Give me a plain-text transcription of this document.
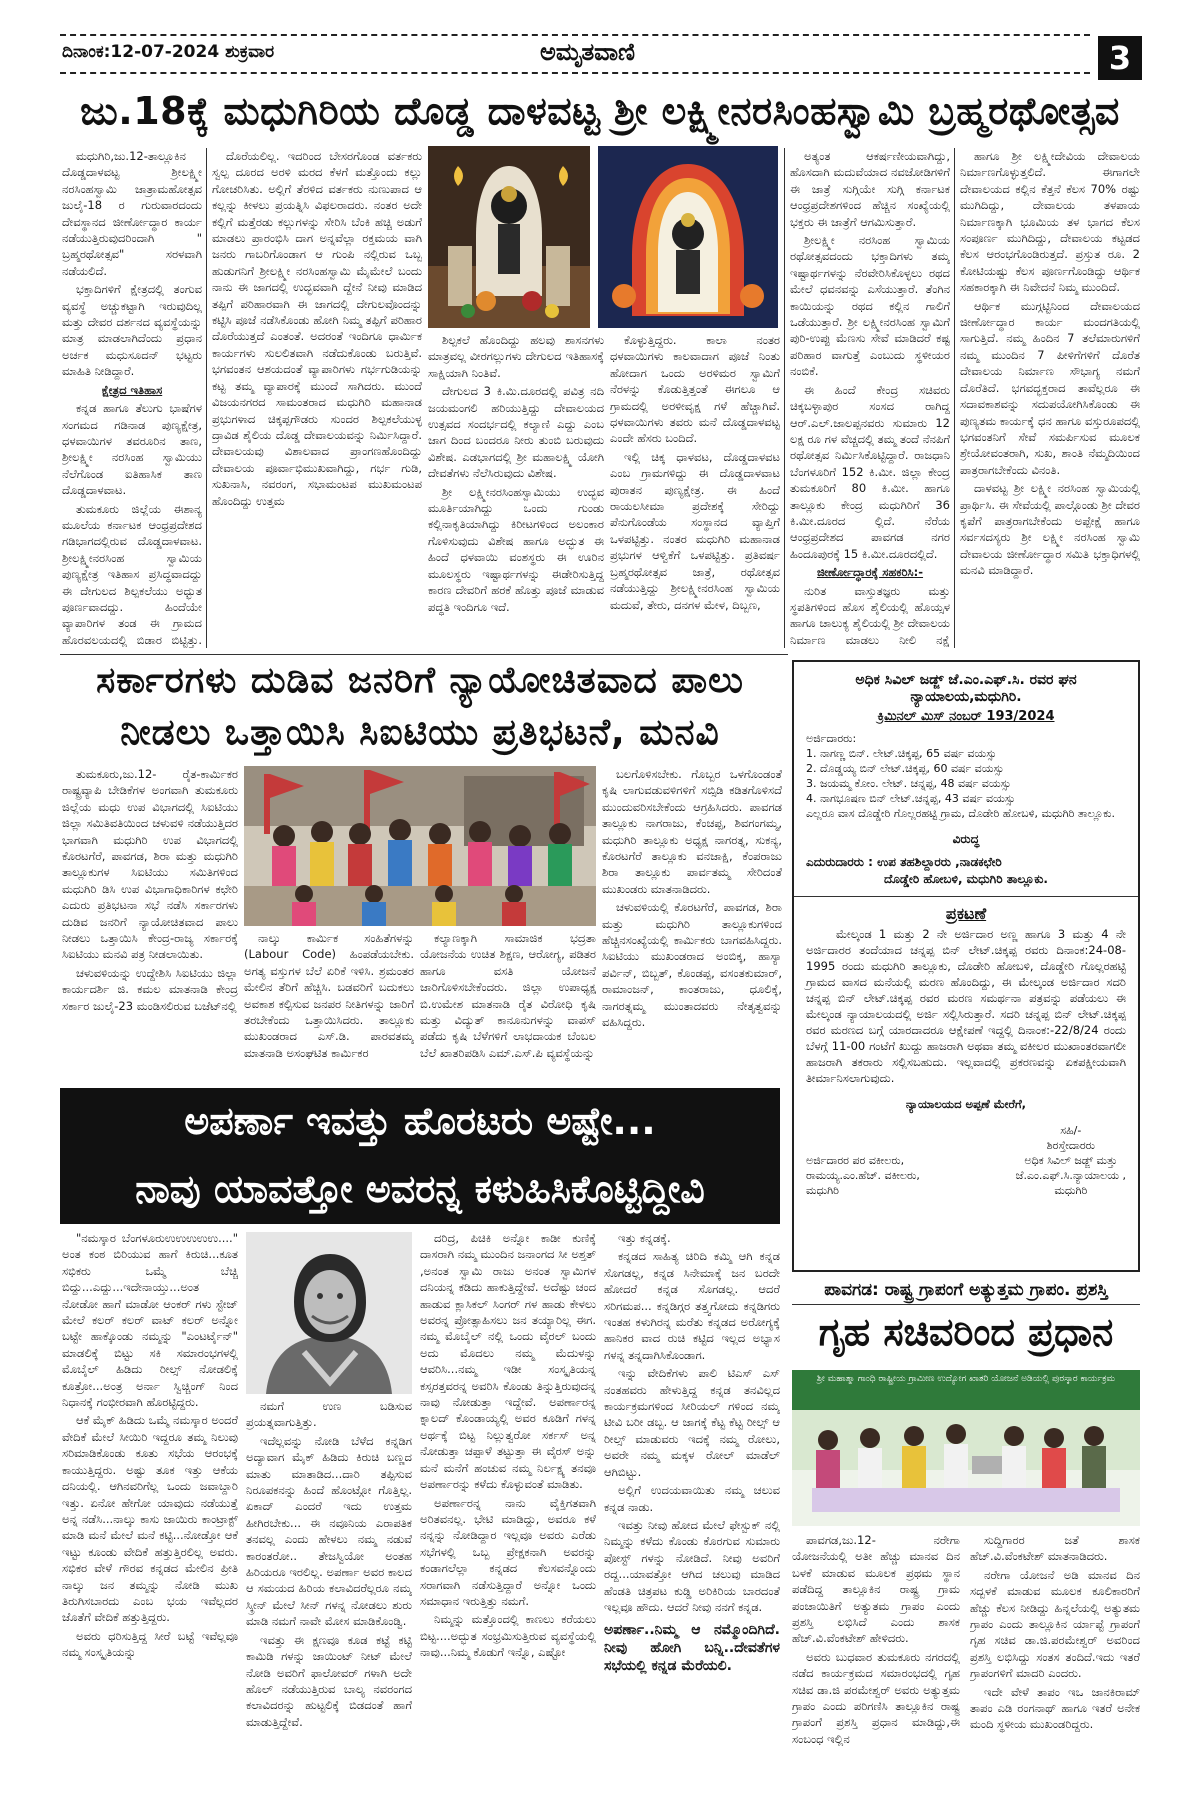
ದಿನಾಂಕ:12-07-2024 ಶುಕ್ರವಾರ	ಅಮೃತವಾಣಿ	3
ಜು.18ಕ್ಕೆ ಮಧುಗಿರಿಯ ದೊಡ್ಡ ದಾಳವಟ್ಟ ಶ್ರೀ ಲಕ್ಷ್ಮೀನರಸಿಂಹಸ್ವಾಮಿ ಬ್ರಹ್ಮರಥೋತ್ಸವ

ಮಧುಗಿರಿ,ಜು.12-ತಾಲ್ಲೂಕಿನ ದೊಡ್ಡದಾಳವಟ್ಟ ಶ್ರೀಲಕ್ಷ್ಮೀ ನರಸಿಂಹಸ್ವಾಮಿ ಜಾತ್ರಾಮಹೋತ್ಸವ ಜುಲೈ-18 ರ ಗುರುವಾರದಂದು ದೇವಸ್ಥಾನದ ಜೀರ್ಣೋದ್ಧಾರ ಕಾರ್ಯ ನಡೆಯುತ್ತಿರುವುದರಿಂದಾಗಿ " ಬ್ರಹ್ಮರಥೋತ್ಸವ" ಸರಳವಾಗಿ ನಡೆಯಲಿದೆ.

ಭಕ್ತಾದಿಗಳಿಗೆ ಕ್ಷೇತ್ರದಲ್ಲಿ ತಂಗುವ ವ್ಯವಸ್ಥೆ ಅಚ್ಚುಕಟ್ಟಾಗಿ ಇರುವುದಿಲ್ಲ ಮತ್ತು ದೇವರ ದರ್ಶನದ ವ್ಯವಸ್ಥೆಯನ್ನು ಮಾತ್ರ ಮಾಡಲಾಗಿದೆಂದು ಪ್ರಧಾನ ಅರ್ಚಕ ಮಧುಸೂದನ್ ಭಟ್ಟರು ಮಾಹಿತಿ ನೀಡಿದ್ದಾರೆ.

ಕ್ಷೇತ್ರದ ಇತಿಹಾಸ

ಕನ್ನಡ ಹಾಗೂ ತೆಲುಗು ಭಾಷೆಗಳ ಸಂಗಮದ ಗಡಿನಾಡ ಪುಣ್ಯಕ್ಷೇತ್ರ, ಧಳವಾಯಿಗಳ ತವರೂರಿನ ತಾಣ, ಶ್ರೀಲಕ್ಷ್ಮೀ ನರಸಿಂಹ ಸ್ವಾಮಿಯು ನೆಲೆಗೊಂಡ ಐತಿಹಾಸಿಕ ತಾಣ ದೊಡ್ಡದಾಳವಾಟ.

ತುಮಕೂರು ಜಿಲ್ಲೆಯ ಈಶಾನ್ಯ ಮೂಲೆಯ ಕರ್ನಾಟಕ ಆಂಧ್ರಪ್ರದೇಶದ ಗಡಿಭಾಗದಲ್ಲಿರುವ ದೊಡ್ಡದಾಳವಾಟ. ಶ್ರೀಲಕ್ಷ್ಮೀನರಸಿಂಹ ಸ್ವಾಮಿಯ ಪುಣ್ಯಕ್ಷೇತ್ರ ಇತಿಹಾಸ ಪ್ರಸಿದ್ಧವಾದದ್ದು ಈ ದೇಗುಲದ ಶಿಲ್ಪಕಲೆಯು ಅಧ್ಭುತ ಪೂರ್ಣವಾದದ್ದು. ಹಿಂದೆಯೇ ವ್ಯಾಪಾರಿಗಳ ತಂಡ ಈ ಗ್ರಾಮದ ಹೊರವಲಯದಲ್ಲಿ ಬಿಡಾರ ಬಿಟ್ಟಿತ್ತು.

ದೊರೆಯಲಿಲ್ಲ. ಇದರಿಂದ ಬೇಸರಗೊಂಡ ವರ್ತಕರು ಸ್ವಲ್ಪ ದೂರದ ಅರಳಿ ಮರದ ಕೆಳಗೆ ಮತ್ತೊಂದು ಕಲ್ಲು ಗೋಚರಿಸಿತು. ಅಲ್ಲಿಗೆ ತೆರಳಿದ ವರ್ತಕರು ನುಣುಪಾದ ಆ ಕಲ್ಲನ್ನು ಕೀಳಲು ಪ್ರಯತ್ನಿಸಿ ವಿಫಲರಾದರು. ನಂತರ ಅದೇ ಕಲ್ಲಿಗೆ ಮತ್ತೆರಡು ಕಲ್ಲುಗಳನ್ನು ಸೇರಿಸಿ ಬೆಂಕಿ ಹಚ್ಚಿ ಅಡುಗೆ ಮಾಡಲು ಪ್ರಾರಂಭಿಸಿ ದಾಗ ಅನ್ನವೆಲ್ಲಾ ರಕ್ತಮಯ ವಾಗಿ ಜನರು ಗಾಬರಿಗೊಂಡಾಗ ಆ ಗುಂಪಿ ನಲ್ಲಿರುವ ಒಬ್ಬ ಹುಡುಗನಿಗೆ ಶ್ರೀಲಕ್ಷ್ಮೀ ನರಸಿಂಹಸ್ವಾಮಿ ಮೈಮೇಲೆ ಬಂದು ನಾನು ಈ ಜಾಗದಲ್ಲಿ ಉದ್ಭವವಾಗಿ ದ್ದೇನೆ ನೀವು ಮಾಡಿದ ತಪ್ಪಿಗೆ ಪರಿಹಾರವಾಗಿ ಈ ಜಾಗದಲ್ಲಿ ದೇಗುಲವೊಂದನ್ನು ಕಟ್ಟಿಸಿ ಪೂಜೆ ನಡೆಸಿಕೊಂಡು ಹೋಗಿ ನಿಮ್ಮ ತಪ್ಪಿಗೆ ಪರಿಹಾರ ದೊರೆಯುತ್ತದೆ ಎಂತಂತೆ. ಅದರಂತೆ ಇಂದಿಗೂ ಧಾರ್ಮಿಕ ಕಾರ್ಯಗಳು ಸುಲಲಿತವಾಗಿ ನಡೆದುಕೊಂಡು ಬರುತ್ತಿವೆ. ಭಗವಂತನ ಆಶಯದಂತೆ ವ್ಯಾಪಾರಿಗಳು ಗರ್ಭಗುಡಿಯನ್ನು ಕಟ್ಟ ತಮ್ಮ ವ್ಯಾಪಾರಕ್ಕೆ ಮುಂದೆ ಸಾಗಿದರು. ಮುಂದೆ ವಿಜಯನಗರದ ಸಾಮಂತರಾದ ಮಧುಗಿರಿ ಮಹಾನಾಡ ಪ್ರಭುಗಳಾದ ಚಿಕ್ಕಪ್ಪಗೌಡರು ಸುಂದರ ಶಿಲ್ಪಕಲೆಯುಳ್ಳ ದ್ರಾವಿಡ ಶೈಲಿಯ ದೊಡ್ಡ ದೇವಾಲಯವನ್ನು ನಿರ್ಮಿಸಿದ್ದಾರೆ. ದೇವಾಲಯವು ವಿಶಾಲವಾದ ಪ್ರಾಂಗಣಹೊಂದಿದ್ದು ದೇವಾಲಯ ಪೂರ್ವಾಭಿಮುಖವಾಗಿದ್ದು, ಗರ್ಭ ಗುಡಿ, ಸುಖನಾಸಿ, ನವರಂಗ, ಸಭಾಮಂಟಪ ಮುಖಮಂಟಪ ಹೊಂದಿದ್ದು ಉತ್ತಮ

ಶಿಲ್ಪಕಲೆ ಹೊಂದಿದ್ದು ಹಲವು ಶಾಸನಗಳು ಮಾತ್ರವಲ್ಲ ವೀರಗಲ್ಲುಗಳು ದೇಗುಲದ ಇತಿಹಾಸಕ್ಕೆ ಸಾಕ್ಷಿಯಾಗಿ ನಿಂತಿವೆ.

ದೇಗುಲದ 3 ಕಿ.ಮಿ.ದೂರದಲ್ಲಿ ಪವಿತ್ರ ನದಿ ಜಯಮಂಗಲಿ ಹರಿಯುತ್ತಿದ್ದು ದೇವಾಲಯದ ಉತ್ಸವದ ಸಂದರ್ಭದಲ್ಲಿ ಕಲ್ಯಾಣಿ ಎದ್ದು ಎಂಬ ಜಾಗ ದಿಂದ ಬಂದರೂ ನೀರು ತುಂಬಿ ಬರುವುದು ವಿಶೇಷ. ಎಡಭಾಗದಲ್ಲಿ ಶ್ರೀ ಮಹಾಲಕ್ಷ್ಮಿ ಯೋಗಿ ದೇವತೆಗಳು ನೆಲೆಸಿರುವುದು ವಿಶೇಷ.

ಶ್ರೀ ಲಕ್ಷ್ಮೀನರಸಿಂಹಸ್ವಾಮಿಯು ಉದ್ಭವ ಮೂರ್ತಿಯಾಗಿದ್ದು ಒಂದು ಗುಂಡು ಕಲ್ಲಿನಾಕೃತಿಯಾಗಿದ್ದು ಕಿರೀಟಗಳಿಂದ ಅಲಂಕಾರ ಗೊಳಿಸುವುದು ವಿಶೇಷ ಹಾಗೂ ಅದ್ಭುತ ಈ ಹಿಂದೆ ಧಳವಾಯಿ ವಂಶಸ್ಥರು ಈ ಊರಿನ ಮೂಲಸ್ಥರು ಇಷ್ಟಾರ್ಥಗಳನ್ನು ಈಡೇರಿಸುತ್ತಿದ್ದ ಕಾರಣ ದೇವರಿಗೆ ಹರಕೆ ಹೊತ್ತು ಪೂಜೆ ಮಾಡುವ ಪದ್ಧತಿ ಇಂದಿಗೂ ಇದೆ.

ಕೊಳ್ಳುತ್ತಿದ್ದರು. ಕಾಲಾ ನಂತರ ಧಳವಾಯಿಗಳು ಕಾಲವಾದಾಗ ಪೂಜೆ ನಿಂತು ಹೋದಾಗ ಒಂದು ಅರಳಿಮರ ಸ್ವಾಮಿಗೆ ನೆರಳನ್ನು ಕೊಡುತ್ತಿತ್ತಂತೆ ಈಗಲೂ ಆ ಗ್ರಾಮದಲ್ಲಿ ಅರಳೀವೃಕ್ಷ ಗಳೆ ಹೆಚ್ಚಾಗಿವೆ. ಧಳವಾಯಿಗಳು ತವರು ಮನೆ ದೊಡ್ಡದಾಳವಟ್ಟ ಎಂದೇ ಹೆಸರು ಬಂದಿದೆ.

ಇಲ್ಲಿ ಚಿಕ್ಕ ಧಾಳವಟ, ದೊಡ್ಡದಾಳವಟ ಎಂಬ ಗ್ರಾಮಗಳಿದ್ದು ಈ ದೊಡ್ಡದಾಳವಾಟ ಪುರಾತನ ಪುಣ್ಯಕ್ಷೇತ್ರ. ಈ ಹಿಂದೆ ರಾಯಲಸೀಮಾ ಪ್ರದೇಶಕ್ಕೆ ಸೇರಿದ್ದು ಪೆನುಗೊಂಡೆಯ ಸಂಸ್ಥಾನದ ವ್ಯಾಪ್ತಿಗೆ ಒಳಪಟ್ಟಿತ್ತು. ನಂತರ ಮಧುಗಿರಿ ಮಹಾನಾಡ ಪ್ರಭುಗಳ ಆಳ್ವಿಕೆಗೆ ಒಳಪಟ್ಟಿತ್ತು. ಪ್ರತಿವರ್ಷ ಬ್ರಹ್ಮರಥೋತ್ಸವ ಜಾತ್ರೆ, ರಥೋತ್ಸವ ನಡೆಯುತ್ತಿದ್ದು ಶ್ರೀಲಕ್ಷ್ಮೀನರಸಿಂಹ ಸ್ವಾಮಿಯ ಮದುವೆ, ತೇರು, ದನಗಳ ಮೇಳ, ದಿಬ್ಬಣ,

ಅತ್ಯಂತ ಆಕರ್ಷಣೀಯವಾಗಿದ್ದು, ಹೊಸದಾಗಿ ಮದುವೆಯಾದ ನವಜೋಡಿಗಳಿಗೆ ಈ ಜಾತ್ರೆ ಸುಗ್ಗಿಯೇ ಸುಗ್ಗಿ ಕರ್ನಾಟಕ ಆಂಧ್ರಪ್ರದೇಶಗಳಿಂದ ಹೆಚ್ಚಿನ ಸಂಖ್ಯೆಯಲ್ಲಿ ಭಕ್ತರು ಈ ಜಾತ್ರೆಗೆ ಆಗಮಿಸುತ್ತಾರೆ.

ಶ್ರೀಲಕ್ಷ್ಮೀ ನರಸಿಂಹ ಸ್ವಾಮಿಯ ರಥೋತ್ಸವದಂದು ಭಕ್ತಾದಿಗಳು ತಮ್ಮ ಇಷ್ಟಾರ್ಥಗಳನ್ನು ನೆರವೇರಿಸಿಕೊಳ್ಳಲು ರಥದ ಮೇಲೆ ಧವನವನ್ನು ಎಸೆಯುತ್ತಾರೆ. ತೆಂಗಿನ ಕಾಯಿಯನ್ನು ರಥದ ಕಲ್ಲಿನ ಗಾಲಿಗೆ ಒಡೆಯುತ್ತಾರೆ. ಶ್ರೀ ಲಕ್ಷ್ಮೀನರಸಿಂಹ ಸ್ವಾಮಿಗೆ ಪುರಿ-ಉಪ್ಪು ಮೆಣಸು ಸೇವೆ ಮಾಡಿದರೆ ಕಷ್ಟ ಪರಿಹಾರ ವಾಗುತ್ತೆ ಎಂಬುದು ಸ್ಥಳೀಯರ ನಂಬಿಕೆ.

ಈ ಹಿಂದೆ ಕೇಂದ್ರ ಸಚಿವರು ಚಿಕ್ಕಬಳ್ಳಾಪುರ ಸಂಸದ ರಾಗಿದ್ದ ಆರ್.ಎಲ್.ಜಾಲಪ್ಪನವರು ಸುಮಾರು 12 ಲಕ್ಷ ರೂ ಗಳ ವೆಚ್ಚದಲ್ಲಿ ತಮ್ಮ ತಂದೆ ನೆನಪಿಗೆ ರಥೋತ್ಸವ ನಿರ್ಮಿಸಿಕೊಟ್ಟಿದ್ದಾರೆ. ರಾಜಧಾನಿ ಬೆಂಗಳೂರಿಗೆ 152 ಕಿ.ಮೀ. ಜಿಲ್ಲಾ ಕೇಂದ್ರ ತುಮಕೂರಿಗೆ 80 ಕಿ.ಮೀ. ಹಾಗೂ ತಾಲ್ಲೂಕು ಕೇಂದ್ರ ಮಧುಗಿರಿಗೆ 36 ಕಿ.ಮೀ.ದೂರದ ಲ್ಲಿದೆ. ನೆರೆಯ ಆಂಧ್ರಪ್ರದೇಶದ ಪಾವಗಡ ನಗರ ಹಿಂದೂಪುರಕ್ಕೆ 15 ಕಿ.ಮೀ.ದೂರದಲ್ಲಿದೆ.

ಜೀರ್ಣೋದ್ಧಾರಕ್ಕೆ ಸಹಕರಿಸಿ:-

ನುರಿತ ವಾಸ್ತುತಜ್ಞರು ಮತ್ತು ಸ್ಥಪತಿಗಳಿಂದ ಹೊಸ ಶೈಲಿಯಲ್ಲಿ ಹೊಯ್ಸಳ ಹಾಗೂ ಚಾಲುಕ್ಯ ಶೈಲಿಯಲ್ಲಿ ಶ್ರೀ ದೇವಾಲಯ ನಿರ್ಮಾಣ ಮಾಡಲು ನೀಲಿ ನಕ್ಷೆ

ಹಾಗೂ ಶ್ರೀ ಲಕ್ಷ್ಮೀದೇವಿಯ ದೇವಾಲಯ ನಿರ್ಮಾಣಗೊಳ್ಳುತ್ತಲಿದೆ. ಈಗಾಗಲೇ ದೇವಾಲಯದ ಕಲ್ಲಿನ ಕೆತ್ತನೆ ಕೆಲಸ 70% ರಷ್ಟು ಮುಗಿದಿದ್ದು, ದೇವಾಲಯ ತಳಪಾಯ ನಿರ್ಮಾಣಕ್ಕಾಗಿ ಭೂಮಿಯ ತಳ ಭಾಗದ ಕೆಲಸ ಸಂಪೂರ್ಣ ಮುಗಿದಿದ್ದು, ದೇವಾಲಯ ಕಟ್ಟಡದ ಕೆಲಸ ಆರಂಭಗೊಂಡಿರುತ್ತದೆ. ಪ್ರಸ್ತುತ ರೂ. 2 ಕೋಟಿಯಷ್ಟು ಕೆಲಸ ಪೂರ್ಣಗೊಂಡಿದ್ದು ಆರ್ಥಿಕ ಸಹಕಾರಕ್ಕಾಗಿ ಈ ನಿವೇದನೆ ನಿಮ್ಮ ಮುಂದಿದೆ.

ಆರ್ಥಿಕ ಮುಗ್ಗಟ್ಟಿನಿಂದ ದೇವಾಲಯದ ಜೀರ್ಣೋದ್ಧಾರ ಕಾರ್ಯ ಮಂದಗತಿಯಲ್ಲಿ ಸಾಗುತ್ತಿದೆ. ನಮ್ಮ ಹಿಂದಿನ 7 ತಲೆಮಾರುಗಳಿಗೆ ನಮ್ಮ ಮುಂದಿನ 7 ಪೀಳಿಗೆಗಳಿಗೆ ದೊರೆತ ದೇವಾಲಯ ನಿರ್ಮಾಣ ಸೌಭಾಗ್ಯ ನಮಗೆ ದೊರೆತಿದೆ. ಭಗವದ್ಭಕ್ತರಾದ ತಾವೆಲ್ಲರೂ ಈ ಸದಾವಕಾಶವನ್ನು ಸದುಪಯೋಗಿಸಿಕೊಂಡು ಈ ಪುಣ್ಯತಮ ಕಾರ್ಯಕ್ಕೆ ಧನ ಹಾಗೂ ವಸ್ತುರೂಪದಲ್ಲಿ ಭಗವಂತನಿಗೆ ಸೇವೆ ಸಮರ್ಪಿಸುವ ಮೂಲಕ ಶ್ರೇಯೋವಂತರಾಗಿ, ಸುಖ, ಶಾಂತಿ ನೆಮ್ಮದಿಯಿಂದ ಪಾತ್ರರಾಗಬೇಕೆಂದು ವಿನಂತಿ.

ದಾಳವಟ್ಟ ಶ್ರೀ ಲಕ್ಷ್ಮೀ ನರಸಿಂಹ ಸ್ವಾಮಿಯಲ್ಲಿ ಪ್ರಾರ್ಥಿಸಿ. ಈ ಸೇವೆಯಲ್ಲಿ ಪಾಲ್ಗೊಂಡು ಶ್ರೀ ದೇವರ ಕೃಪೆಗೆ ಪಾತ್ರರಾಗಬೇಕೆಂದು ಅಪ್ಪೇಕ್ಷೆ ಹಾಗೂ ಸರ್ವಸದಸ್ಯರು ಶ್ರೀ ಲಕ್ಷ್ಮೀ ನರಸಿಂಹ ಸ್ವಾಮಿ ದೇವಾಲಯ ಜೀರ್ಣೋದ್ಧಾರ ಸಮಿತಿ ಭಕ್ತಾಧಿಗಳಲ್ಲಿ ಮನವಿ ಮಾಡಿದ್ದಾರೆ.

ಸರ್ಕಾರಗಳು ದುಡಿವ ಜನರಿಗೆ ನ್ಯಾಯೋಚಿತವಾದ ಪಾಲು
ನೀಡಲು ಒತ್ತಾಯಿಸಿ ಸಿಐಟಿಯು ಪ್ರತಿಭಟನೆ, ಮನವಿ

ತುಮಕೂರು,ಜು.12- ರೈತ-ಕಾರ್ಮಿಕರ ರಾಷ್ಟ್ರವ್ಯಾಪಿ ಬೇಡಿಕೆಗಳ ಅಂಗವಾಗಿ ತುಮಕೂರು ಜಿಲ್ಲೆಯ ಮಧು ಉಪ ವಿಭಾಗದಲ್ಲಿ ಸಿಐಟಿಯು ಜಿಲ್ಲಾ ಸಮಿತಿವತಿಯಿಂದ ಚಳುವಳಿ ನಡೆಯುತ್ತಿದರ ಭಾಗವಾಗಿ ಮಧುಗಿರಿ ಉಪ ವಿಭಾಗದಲ್ಲಿ ಕೊರಟಗೆರೆ, ಪಾವಗಡ, ಶಿರಾ ಮತ್ತು ಮಧುಗಿರಿ ತಾಲ್ಲೂಕುಗಳ ಸಿಐಟಿಯು ಸಮಿತಿಗಳಿಂದ ಮಧುಗಿರಿ ಡಿಸಿ ಉಪ ವಿಭಾಗಾಧಿಕಾರಿಗಳ ಕಛೇರಿ ಎದುರು ಪ್ರತಿಭಟನಾ ಸಭೆ ನಡೆಸಿ ಸರ್ಕಾರಗಳು ದುಡಿವ ಜನರಿಗೆ ನ್ಯಾಯೋಚಿತವಾದ ಪಾಲು ನೀಡಲು ಒತ್ತಾಯಿಸಿ ಕೇಂದ್ರ-ರಾಜ್ಯ ಸರ್ಕಾರಕ್ಕೆ ಸಿಐಟಿಯು ಮನವಿ ಪತ್ರ ನೀಡಲಾಯಿತು.

ಚಳುವಳಿಯನ್ನು ಉದ್ದೇಶಿಸಿ ಸಿಐಟಿಯು ಜಿಲ್ಲಾ ಕಾರ್ಯದರ್ಶಿ ಜಿ. ಕಮಲ ಮಾತನಾಡಿ ಕೇಂದ್ರ ಸರ್ಕಾರ ಜುಲೈ-23 ಮಂಡಿಸಲಿರುವ ಬಜೆಟ್‌ನಲ್ಲಿ

ನಾಲ್ಕು ಕಾರ್ಮಿಕ ಸಂಹಿತೆಗಳನ್ನು (Labour Code) ಹಿಂಪಡೆಯಬೇಕು. ಅಗತ್ಯ ವಸ್ತುಗಳ ಬೆಲೆ ಏರಿಕೆ ಇಳಿಸಿ. ಶ್ರಮಂತರ ಮೇಲಿನ ತೆರಿಗೆ ಹೆಚ್ಚಿಸಿ. ಬಡವರಿಗೆ ಬದುಕಲು ಅವಕಾಶ ಕಲ್ಪಿಸುವ ಜನಪರ ನೀತಿಗಳನ್ನು ಜಾರಿಗೆ ತರಬೇಕೆಂದು ಒತ್ತಾಯಿಸಿದರು. ತಾಲ್ಲೂಕು ಮುಖಂಡರಾದ ಎಸ್.ಡಿ. ಪಾರವತಮ್ಮ ಮಾತನಾಡಿ ಅಸಂಘಟಿತ ಕಾರ್ಮಿಕರ

ಕಲ್ಯಾಣಕ್ಕಾಗಿ ಸಾಮಾಜಿಕ ಭದ್ರತಾ ಯೋಜನೆಯ ಉಚಿತ ಶಿಕ್ಷಣ, ಆರೋಗ್ಯ, ಪಡಿತರ ಹಾಗೂ ವಸತಿ ಯೋಜನೆ ಜಾರಿಗೊಳಿಸಬೇಕೆಂದರು. ಜಿಲ್ಲಾ ಉಪಾಧ್ಯಕ್ಷ ಬಿ.ಉಮೇಶ ಮಾತನಾಡಿ ರೈತ ವಿರೋಧಿ ಕೃಷಿ ಮತ್ತು ವಿದ್ಯುತ್ ಕಾನೂನುಗಳನ್ನು ವಾಪಸ್ ಪಡೆದು ಕೃಷಿ ಬೆಳೆಗಳಿಗೆ ಲಾಭದಾಯಕ ಬೆಂಬಲ ಬೆಲೆ ಖಾತರಿಪಡಿಸಿ ಎಮ್.ಎಸ್.ಪಿ ವ್ಯವಸ್ಥೆಯನ್ನು

ಬಲಗೊಳಿಸಬೇಕು. ಗೊಬ್ಬರ ಒಳಗೊಂಡಂತೆ ಕೃಷಿ ಲಾಗುವಡುವಳಿಗಳಿಗೆ ಸಬ್ಸಿಡಿ ಕಡಿತಗೊಳಿಸದೆ ಮುಂದುವರಿಸಬೇಕೆಂದು ಆಗ್ರಹಿಸಿದರು. ಪಾವಗಡ ತಾಲ್ಲೂಕು ನಾಗರಾಜು, ಕೆಂಚಪ್ಪ, ಶಿವಗಂಗಮ್ಮ, ಮಧುಗಿರಿ ತಾಲ್ಲೂಕು ಅಧ್ಯಕ್ಷ ನಾಗರತ್ನ, ಸುಕನ್ಯ, ಕೊರಟಗೆರೆ ತಾಲ್ಲೂಕು ವನಜಾಕ್ಷಿ, ಕೆಂಪರಾಜು ಶಿರಾ ತಾಲ್ಲೂಕು ಪಾರ್ವತಮ್ಮ ಸೇರಿದಂತೆ ಮುಖಂಡರು ಮಾತನಾಡಿದರು.

ಚಳುವಳಿಯಲ್ಲಿ ಕೊರಟಗೆರೆ, ಪಾವಗಡ, ಶಿರಾ ಮತ್ತು ಮಧುಗಿರಿ ತಾಲ್ಲೂಕುಗಳಿಂದ ಹೆಚ್ಚಿನಸಂಖ್ಯೆಯಲ್ಲಿ ಕಾರ್ಮಿಕರು ಬಾಗವಹಿಸಿದ್ದರು. ಸಿಐಟಿಯು ಮುಖಂಡರಾದ ಅಂಬಿಕ್ಕ, ಹಾಸ್ಯಾ ಪರ್ವಿನ್, ಬಿಬ್ಬತ್, ಕೊಂಡಪ್ಪ, ವಸಂತಕುಮಾರ್, ರಾಮಾಂಜನ್, ಕಾಂತರಾಜು, ಧೂಲಿಕ್ಕೆ, ನಾಗರತ್ನಮ್ಮ ಮುಂತಾದವರು ನೇತೃತ್ವವನ್ನು ವಹಿಸಿದ್ದರು.

ಅಧಿಕ ಸಿವಿಲ್ ಜಡ್ಜ್ ಜೆ.ಎಂ.ಎಫ್.ಸಿ. ರವರ ಘನ
ನ್ಯಾಯಾಲಯ,ಮಧುಗಿರಿ.
ಕ್ರಿಮಿನಲ್ ಮಿಸ್ ನಂಬರ್ 193/2024
ಅರ್ಜಿದಾರರು:
1. ನಾಗಣ್ಣ ಬಿನ್. ಲೇಟ್.ಚಿಕ್ಕಪ್ಪ, 65 ವರ್ಷ ವಯಸ್ಸು
2. ದೊಡ್ಡಯ್ಯ ಬಿನ್ ಲೇಟ್.ಚಿಕ್ಕಪ್ಪ, 60 ವರ್ಷ ವಯಸ್ಸು
3. ಜಯಮ್ಮ ಕೋಂ. ಲೇಟ್. ಚನ್ನಪ್ಪ, 48 ವರ್ಷ ವಯಸ್ಸು
4. ನಾಗಭೂಷಣ ಬಿನ್ ಲೇಟ್.ಚನ್ನಪ್ಪ, 43 ವರ್ಷ ವಯಸ್ಸು
ಎಲ್ಲರೂ ವಾಸ ದೊಡ್ಡೇರಿ ಗೊಲ್ಲರಹಟ್ಟಿ ಗ್ರಾಮ, ದೊಡೇರಿ ಹೋಬಳಿ, ಮಧುಗಿರಿ ತಾಲ್ಲೂಕು.
ವಿರುದ್ಧ
ಎದುರುದಾರರು : ಉಪ ತಹಶಿಲ್ದಾರರು ,ನಾಡಕಛೇರಿ
ದೊಡ್ಡೇರಿ ಹೋಬಳಿ, ಮಧುಗಿರಿ ತಾಲ್ಲೂಕು.
ಪ್ರಕಟಣೆ
ಮೇಲ್ಕಂಡ 1 ಮತ್ತು 2 ನೇ ಅರ್ಜಿದಾರ ಅಣ್ಣ ಹಾಗೂ 3 ಮತ್ತು 4 ನೇ ಅರ್ಜಿದಾರರ ತಂದೆಯಾದ ಚನ್ನಪ್ಪ ಬಿನ್ ಲೇಟ್.ಚಿಕ್ಕಪ್ಪ ರವರು ದಿನಾಂಕ:24-08-1995 ರಂದು ಮಧುಗಿರಿ ತಾಲ್ಲೂಕು, ದೊಡೇರಿ ಹೋಬಳಿ, ದೊಡ್ಡೇರಿ ಗೊಲ್ಲರಹಟ್ಟಿ ಗ್ರಾಮದ ವಾಸದ ಮನೆಯಲ್ಲಿ ಮರಣ ಹೊಂದಿದ್ದು, ಈ ಮೇಲ್ಕಂಡ ಅರ್ಜಿದಾರ ಸದರಿ ಚನ್ನಪ್ಪ ಬಿನ್ ಲೇಟ್.ಚಿಕ್ಕಪ್ಪ ರವರ ಮರಣ ಸಮರ್ಥನಾ ಪತ್ರವನ್ನು ಪಡೆಯಲು ಈ ಮೇಲ್ಕಂಡ ನ್ಯಾಯಾಲಯದಲ್ಲಿ ಅರ್ಜಿ ಸಲ್ಲಿಸಿರುತ್ತಾರೆ. ಸದರಿ ಚನ್ನಪ್ಪ ಬಿನ್ ಲೇಟ್.ಚಿಕ್ಕಪ್ಪ ರವರ ಮರಣದ ಬಗ್ಗೆ ಯಾರದಾದರೂ ಆಕ್ಷೇಪಣೆ ಇದ್ದಲ್ಲಿ ದಿನಾಂಕ:-22/8/24 ರಂದು ಬೆಳಗ್ಗೆ 11-00 ಗಂಟೆಗೆ ಖುದ್ದು ಹಾಜರಾಗಿ ಅಥವಾ ತಮ್ಮ ವಕೀಲರ ಮುಖಾಂತರವಾಗಲೀ ಹಾಜರಾಗಿ ತಕರಾರು ಸಲ್ಲಿಸಬಹುದು. ಇಲ್ಲವಾದಲ್ಲಿ ಪ್ರಕರಣವನ್ನು ಏಕಪಕ್ಷೀಯವಾಗಿ ತೀರ್ಮಾನಿಸಲಾಗುವುದು.
ನ್ಯಾಯಾಲಯದ ಅಪ್ಪಣೆ ಮೇರೆಗೆ,
ಅರ್ಜಿದಾರರ ಪರ ವಕೀಲರು,
ರಾಮಯ್ಯ.ಎಂ.ಹೆಚ್. ವಕೀಲರು,
ಮಧುಗಿರಿ
ಸಹಿ/-
ಶಿರಸ್ತೇದಾರರು
ಅಧಿಕ ಸಿವಿಲ್ ಜಡ್ಜ್ ಮತ್ತು
ಜೆ.ಎಂ.ಎಫ್.ಸಿ.ನ್ಯಾಯಾಲಯ ,
ಮಧುಗಿರಿ
ಅಪರ್ಣಾ ಇವತ್ತು ಹೊರಟರು ಅಷ್ಟೇ...
ನಾವು ಯಾವತ್ತೋ ಅವರನ್ನ ಕಳುಹಿಸಿಕೊಟ್ಟಿದ್ದೀವಿ

"ನಮಸ್ಕಾರ ಬೆಂಗಳೂರುಉಉಉಉಉ...." ಅಂತ ಕಂಠ ಬಿರಿಯುವ ಹಾಗೆ ಕಿರುಚಿ...ಕೂತ ಸಭಿಕರು ಒಮ್ಮೆ ಬೆಚ್ಚಿ ಬಿದ್ದು...ಎದ್ದು...ಇದೇನಾಯ್ತು...ಅಂತ ನೋಡೋ ಹಾಗೆ ಮಾಡೋ ಆಂಕರ್ ಗಳು ಸ್ಟೇಜ್ ಮೇಲೆ ಕಲರ್ ಕಲರ್ ವಾಟ್ ಕಲರ್ ಅನ್ನೋ ಬಟ್ಟೇ ಹಾಕ್ಕೊಂಡು ನಮ್ಮನ್ನು "ಎಂಟರ್ಟೈನ್" ಮಾಡಲಿಕ್ಕೆ ಬಿಟ್ಟು ಸಕಿ ಸಮಾರಂಭಗಳಲ್ಲಿ ಮೊಬೈಲ್ ಹಿಡಿದು ರೀಲ್ಸ್ ನೋಡಲಿಕ್ಕೆ ಕೂತ್ರೋ...ಅಂತ್ರ ಅರ್ನಾ ಸ್ವಿಚ್ಚಿಂಗ್ ನಿಂದ ನಿಧಾನಕ್ಕೆ ಗಂಭೀರವಾಗಿ ಹೊರಟ್ಟಿದ್ದರು.

ಆಕೆ ಮೈಕ್ ಹಿಡಿದು ಒಮ್ಮೆ ನಮಸ್ಕಾರ ಅಂದರೆ ವೇದಿಕೆ ಮೇಲೆ ಸೀಯಿರಿ ಇದ್ದರೂ ತಮ್ಮ ನಿಲುವು ಸರಿಮಾಡಿಕೊಂಡು ಕೂತು ಸಭೆಯ ಆರಂಭಕ್ಕೆ ಕಾಯುತ್ತಿದ್ದರು. ಅಷ್ಟು ತೂಕ ಇತ್ತು ಆಕೆಯ ದನಿಯಲ್ಲಿ. ಆಗಿನವರಿಗೆಲ್ಲ ಒಂದು ಜವಾಬ್ದಾರಿ ಇತ್ತು. ಏನೋ ಹೇಗೋ ಯಾವುದು ನಡೆಯುತ್ತೆ ಅನ್ನ ನಡೆಸಿ...ನಾಲ್ಕು ಕಾಸು ಜಾಯಿರು ಕಾಂಟ್ರಾಕ್ಟ್ ಮಾಡಿ ಮನೆ ಮೇಲೆ ಮನೆ ಕಟ್ಟಿ...ನೋಡ್ತೋ ಆಕೆ ಇಟ್ಟು ಕೂಂಡು ವೇದಿಕೆ ಹತ್ತುತ್ತಿರಲಿಲ್ಲ ಅವರು. ಸಭಿಕರ ವೇಳೆ ಗೌರವ ಕನ್ನಡದ ಮೇಲಿನ ಪ್ರೀತಿ ನಾಲ್ಕು ಜನ ತಮ್ಮನ್ನು ನೋಡಿ ಮುಖ ತಿರುಗಿಸಬಾರದು ಎಂಬ ಭಯ ಇವೆಲ್ಲದರ ಜೊತೆಗೆ ವೇದಿಕೆ ಹತ್ತುತ್ತಿದ್ದರು.

ಅವರು ಧರಿಸುತ್ತಿದ್ದ ಸೀರೆ ಬಟ್ಟೆ ಇವೆಲ್ಲವೂ ನಮ್ಮ ಸಂಸ್ಕೃತಿಯನ್ನು

ನಮಗೆ ಉಣ ಬಡಿಸುವ ಪ್ರಯತ್ನವಾಗುತ್ತಿತ್ತು.

ಇದೆಲ್ಲವನ್ನು ನೋಡಿ ಬೆಳೆದ ಕನ್ನಡಿಗ ಅದ್ಯಾವಾಗ ಮೈಕ್ ಹಿಡಿದು ಕಿರುಚಿ ಬಣ್ಣದ ಮಾತು ಮಾತಾಡಿದ...ದಾರಿ ತಪ್ಪಿಸುವ ನಿರೂಪಕನನ್ನು ಹಿಂದೆ ಹೊಂಟ್ಗೋ ಗೊತ್ತಿಲ್ಲ. ಏಕಾದ್ ಎಂದರೆ ಇದು ಉತ್ತಮ ಹೀಗಿರಬೇಕು... ಈ ನವೂನಿಯ ಎರಾಪತಿಕ ತನವಲ್ಲ ಎಂದು ಹೇಳಲು ನಮ್ಮ ನಡುವೆ ಕಾರಂತರೋ.. ತೇಜಸ್ವಿಯೋ ಅಂತಹ ಹಿರಿಯರೂ ಇರಲಿಲ್ಲ. ಅಪರ್ಣಾ ಅವರ ಕಾಲದ ಆ ಸಮಯದ ಹಿರಿಯ ಕಲಾವಿದರೆಲ್ಲರೂ ನಮ್ಮ ಸ್ಕ್ರೀನ್ ಮೇಲೆ ಸೀನ್ ಗಳನ್ನ ನೋಡಲು ಶುರು ಮಾಡಿ ನಮಗೆ ನಾವೇ ಮೋಸ ಮಾಡಿಕೊಂಡ್ವಿ.

ಇವತ್ತು ಈ ಕ್ಷಣವೂ ಕೂಡ ಕಟ್ಟೆ ಕಟ್ಟಿ ಕಾಮಿಡಿ ಗಳನ್ನು ಜಾಯಿಂಟ್ ನೀಟ್ ಮೇಲೆ ನೋಡಿ ಅವರಿಗೆ ಫಾಲೋವರ್ ಗಳಾಗಿ ಅದೇ ಹೊಲ್ ನಡೆಯುತ್ತಿರುವ ಬಾಲ್ಯ ನವರಂಗದ ಕಲಾವಿದರನ್ನು ಹುಟ್ಟಲಿಕ್ಕೆ ಬಿಡದಂತೆ ಹಾಗೆ ಮಾಡುತ್ತಿದ್ದೇವೆ.

ದರಿದ್ರ, ಪಿಚಿಕಿ ಅನ್ನೋ ಕಾಡೀ ಕುಣಿಕ್ಕೆ ದಾಸರಾಗಿ ನಮ್ಮ ಮುಂದಿನ ಜನಾಂಗದ ಸೀ ಅಶ್ತತ್ ,ಅನಂತ ಸ್ವಾಮಿ ರಾಜು ಅನಂತ ಸ್ವಾಮಿಗಳ ದನಿಯನ್ನ ಕಡಿದು ಹಾಕುತ್ತಿದ್ದೇವೆ. ಅದೆಷ್ಟು ಚಂದ ಹಾಡುವ ಕ್ಲಾಸಿಕಲ್ ಸಿಂಗರ್ ಗಳ ಹಾಡು ಕೇಳಲು ಅವರನ್ನ ಪ್ರೋತ್ಸಾಹಿಸಲು ಜನ ತಯ್ಯಾರಿಲ್ಲ ಈಗ. ನಮ್ಮ ಮೊಬೈಲ್ ನಲ್ಲಿ ಒಂದು ವೈರಲ್ ಬಂದು ಅದು ಮೊದಲು ನಮ್ಮ ಮೆದುಳನ್ನು ಆವರಿಸಿ...ನಮ್ಮ ಇಡೀ ಸಂಸ್ಕೃತಿಯನ್ನ ಕಸ್ಸರತ್ತವರನ್ನ ಅವರಿಸಿ ಕೊಂಡು ತಿನ್ನುತ್ತಿರುವುದನ್ನ ನಾವು ನೋಡುತ್ತಾ ಇದ್ದೇವೆ. ಅಪರ್ಣಾರನ್ನ ಕ್ನಾಲದ್ ಕೊಂಡಾಯ್ಯಲ್ಲಿ ಅವರ ಕೂಡಿಗೆ ಗಳನ್ನ ಅರ್ಥಕ್ಕೆ ಬಿಟ್ಟ ನಿಲ್ಲುತ್ವರೋ ಸರ್ಕಸ್ ಅನ್ನ ನೋಡುತ್ತಾ ಚಪ್ಪಾಳೆ ತಟ್ಟುತ್ತಾ ಈ ವೈರಸ್ ಅನ್ನು ಮನೆ ಮನೆಗೆ ಹಂಚುವ ನಮ್ಮ ನಿರ್ಲಕ್ಷ್ಯ ತನವೂ ಅಪರ್ಣಾರನ್ನು ಕಳೆದು ಕೊಳ್ಳುವಂತೆ ಮಾಡಿತು.

ಅಪರ್ಣಾರನ್ನ ನಾನು ವೈಕ್ತಿಗತವಾಗಿ ಅರಿತವನಲ್ಲ. ಭೇಟಿ ಮಾಡಿದ್ದು, ಅವರೂ ಕಳೆ ನನ್ನನ್ನು ನೋಡಿದ್ದಾರ ಇಲ್ಲವೂ ಅವರು ಎರೆಡು ಸಭೆಗಳಲ್ಲಿ ಒಬ್ಬ ಪ್ರೇಕ್ಷಕನಾಗಿ ಅವರನ್ನು ಕಂಡಾಗಲೆಲ್ಲಾ ಕನ್ನಡದ ಕೆಲಸವನ್ನೊಂದು ಸರಾಗವಾಗಿ ನಡೆಸುತ್ತಿದ್ದಾರೆ ಅನ್ನೋ ಒಂದು ಸಮಾಧಾನ ಇರುತ್ತಿತ್ತು ನಮಗೆ.

ನಿಮ್ಮನ್ನು ಮತ್ತೊಂದಲ್ಲಿ ಕಾಣಲು ಕರೆಯಲು ಬಿಟ್ಟ....ಅದ್ಭುತ ಸಂಭ್ರಮಿಸುತ್ತಿರುವ ವ್ಯವಸ್ಥೆಯಲ್ಲಿ ನಾವು...ನಿಮ್ಮ ಕೊಡುಗೆ ಇನ್ನೊ, ಎಷ್ಟೋ

ಇತ್ತು ಕನ್ನಡಕ್ಕೆ.

ಕನ್ನಡದ ಸಾಹಿತ್ಯ ಚಿರಿದಿ ಕಮ್ಮಿ ಆಗಿ ಕನ್ನಡ ಸೊಗಡಲ್ಲ, ಕನ್ನಡ ಸಿನೇಮಾಕ್ಕೆ ಜನ ಬರದೇ ಹೋದರೆ ಕನ್ನಡ ಸೊಗಡಲ್ಲ. ಆದರೆ ಸರಿಗಮಪ... ಕನ್ನಡಿಗ್ಗರ ತತ್ತ್ವಗೋದು ಕನ್ನಡಿಗರು ಇಂತಹ ಕಳುಗಿರನ್ನ ಮರೆತು ಕನ್ನಡದ ಅರೋಗ್ಯಕ್ಕೆ ಹಾನಿಕರ ವಾದ ರುಚಿ ಕಟ್ಟಿದ ಇಲ್ಲದ ಅಭ್ಯಾಸ ಗಳನ್ನ ತನ್ನದಾಗಿಸಿಕೊಂಡಾಗ.

ಇನ್ನು ವೇದಿಕೆಗಳು ಪಾಲಿ ಟಿಎಸ್ ಎಸ್ ನಂತಹವರು ಹೇಳುತ್ತಿದ್ದ ಕನ್ನಡ ತನವಿಲ್ಲದ ಕಾರ್ಯಕ್ರಮಗಳಿಂದ ಸೀರಿಯಲ್ ಗಳಿಂದ ನಮ್ಮ ಟೀವಿ ಬರೀ ಡಬ್ಬ. ಆ ಜಾಗಕ್ಕೆ ಕೆಟ್ಟ ಕೆಟ್ಟ ರೀಲ್ಸ್ ಆ ರೀಲ್ಸ್ ಮಾಡುವರು ಇದಕ್ಕೆ ನಮ್ಮ ರೋಲು, ಅವರೇ ನಮ್ಮ ಮಕ್ಕಳ ರೋಲ್ ಮಾಡೆಲ್ ಆಗಿಬಿಟ್ಟು.

ಅಲ್ಲಿಗೆ ಉದಯವಾಯಿತು ನಮ್ಮ ಚಲುವ ಕನ್ನಡ ನಾಡು.

ಇವತ್ತು ನೀವು ಹೋದ ಮೇಲೆ ಫೇಸ್ಬುಕ್ ನಲ್ಲಿ ನಿಮ್ಮನ್ನು ಕಳೆದು ಕೊಂಡು ಕೊರಗುವ ಸುಮಾರು ಪೋಸ್ಟ್ ಗಳನ್ನು ನೋಡಿದೆ. ನೀವು ಅವರಿಗೆ ರದ್ದ...ಯಾವತ್ತೋ ಆಗಿದ ಚಲುವು ಮಾಡಿದ ಹೆಂಡತಿ ಚಿತ್ರಪಟ ಕುಡ್ಡಿ ಅರಿಕಿರಿಯ ಬಾರದಂತೆ ಇಲ್ಲವೂ ಹೌದು. ಆದರೆ ನೀವು ನನಗೆ ಕನ್ನಡ.

ಅಪರ್ಣಾ..ನಿಮ್ಮ ಆ ನಮ್ಮೊಂದಿಗಿದೆ. ನೀವು ಹೋಗಿ ಬನ್ನಿ..ದೇವತೆಗಳ ಸಭೆಯಲ್ಲಿ ಕನ್ನಡ ಮೆರೆಯಲಿ.

ಪಾವಗಡ: ರಾಷ್ಟ್ರ ಗ್ರಾಪಂಗೆ ಅತ್ಯುತ್ತಮ ಗ್ರಾಪಂ. ಪ್ರಶಸ್ತಿ
ಗೃಹ ಸಚಿವರಿಂದ ಪ್ರಧಾನ
ಶ್ರೀ ಮಹಾತ್ಮಾ ಗಾಂಧಿ ರಾಷ್ಟ್ರೀಯ ಗ್ರಾಮೀಣ ಉದ್ಯೋಗ ಖಾತರಿ ಯೋಜನೆ ಅಡಿಯಲ್ಲಿ ಪುರಸ್ಕಾರ ಕಾರ್ಯಕ್ರಮ

ಪಾವಗಡ,ಜು.12- ನರೇಗಾ ಯೋಜನೆಯಲ್ಲಿ ಅತೀ ಹೆಚ್ಚು ಮಾನವ ದಿನ ಬಳಕೆ ಮಾಡುವ ಮೂಲಕ ಪ್ರಥಮ ಸ್ಥಾನ ಪಡೆದಿದ್ದ ತಾಲ್ಲೂಕಿನ ರಾಷ್ಟ್ರ ಗ್ರಾಮ ಪಂಚಾಯಿತಿಗೆ ಅತ್ಯುತಮ ಗ್ರಾಪಂ ಎಂದು ಪ್ರಶಸ್ತಿ ಲಭಿಸಿದೆ ಎಂದು ಶಾಸಕ ಹೆಚ್.ವಿ.ವೆಂಕಟೇಶ್ ಹೇಳಿದರು.

ಅವರು ಬುಧವಾರ ತುಮಕೂರು ನಗರದಲ್ಲಿ ನಡೆದ ಕಾರ್ಯಕ್ರಮದ ಸಮಾರಂಭದಲ್ಲಿ ಗೃಹ ಸಚಿವ ಡಾ.ಜಿ ಪರಮೇಶ್ವರ್ ಅವರು ಅತ್ಯುತ್ತಮ ಗ್ರಾಪಂ ಎಂದು ಪರಿಗಣಿಸಿ ತಾಲ್ಲೂಕಿನ ರಾಷ್ಟ್ರ ಗ್ರಾಪಂಗೆ ಪ್ರಶಸ್ತಿ ಪ್ರಧಾನ ಮಾಡಿದ್ದು,ಈ ಸಂಬಂಧ ಇಲ್ಲಿನ

ಸುದ್ದಿಗಾರರ ಜತೆ ಶಾಸಕ ಹೆಚ್.ವಿ.ವೆಂಕಟೇಶ್ ಮಾತನಾಡಿದರು.

ನರೇಗಾ ಯೋಜನೆ ಅಡಿ ಮಾನವ ದಿನ ಸದ್ಬಳಕೆ ಮಾಡುವ ಮೂಲಕ ಕೂಲಿಕಾರರಿಗೆ ಹೆಚ್ಚು ಕೆಲಸ ನೀಡಿದ್ದು ಹಿನ್ನಲೆಯಲ್ಲಿ ಅತ್ಯುತಮ ಗ್ರಾಪಂ ಎಂದು ತಾಲ್ಲೂಕಿನ ರ್ಯಾಪ್ಟೆ ಗ್ರಾಪಂಗೆ ಗೃಹ ಸಚಿವ ಡಾ.ಜಿ.ಪರಮೇಶ್ವರ್ ಅವರಿಂದ ಪ್ರಶಸ್ತಿ ಲಭಿಸಿದ್ದು ಸಂತಸ ತಂದಿದೆ.ಇದು ಇತರೆ ಗ್ರಾಪಂಗಳಿಗೆ ಮಾದರಿ ಎಂದರು.

ಇದೇ ವೇಳೆ ತಾಪಂ ಇಒ ಜಾನಕಿರಾಮ್ ತಾಪಂ ಎಡಿ ರಂಗನಾಥ್ ಹಾಗೂ ಇತರೆ ಅನೇಕ ಮಂದಿ ಸ್ಥಳೀಯ ಮುಖಂಡರಿದ್ದರು.
